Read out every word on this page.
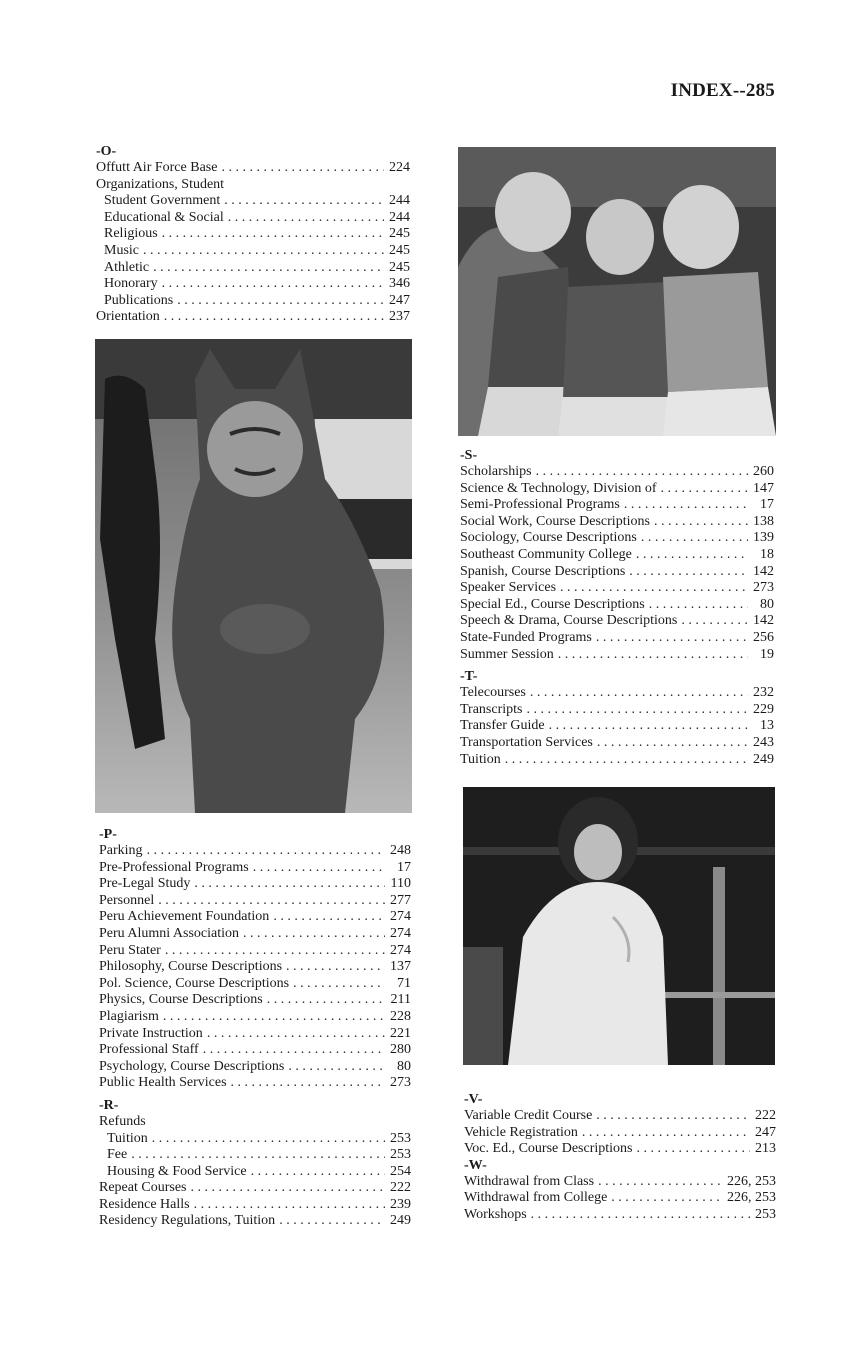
INDEX--285
-O-
Offutt Air Force Base . . .	224
Organizations, Student
Student Government . . .	244
Educational & Social . . .	244
Religious . . .	245
Music . . .	245
Athletic . . .	245
Honorary . . .	346
Publications . . .	247
Orientation . . .	237
-P-
Parking . . .	248
Pre-Professional Programs . . .	17
Pre-Legal Study . . .	110
Personnel . . .	277
Peru Achievement Foundation . . .	274
Peru Alumni Association . . .	274
Peru Stater . . .	274
Philosophy, Course Descriptions . . .	137
Pol. Science, Course Descriptions . . .	71
Physics, Course Descriptions . . .	211
Plagiarism . . .	228
Private Instruction . . .	221
Professional Staff . . .	280
Psychology, Course Descriptions . . .	80
Public Health Services . . .	273
-R-
Refunds
Tuition . . .	253
Fee . . .	253
Housing & Food Service . . .	254
Repeat Courses . . .	222
Residence Halls . . .	239
Residency Regulations, Tuition . . .	249
-S-
Scholarships . . .	260
Science & Technology, Division of . . .	147
Semi-Professional Programs . . .	17
Social Work, Course Descriptions . . .	138
Sociology, Course Descriptions . . .	139
Southeast Community College . . .	18
Spanish, Course Descriptions . . .	142
Speaker Services . . .	273
Special Ed., Course Descriptions . . .	80
Speech & Drama, Course Descriptions . . .	142
State-Funded Programs . . .	256
Summer Session . . .	19
-T-
Telecourses . . .	232
Transcripts . . .	229
Transfer Guide . . .	13
Transportation Services . . .	243
Tuition . . .	249
-V-
Variable Credit Course . . .	222
Vehicle Registration . . .	247
Voc. Ed., Course Descriptions . . .	213
-W-
Withdrawal from Class . . .	226, 253
Withdrawal from College . . .	226, 253
Workshops . . .	253
